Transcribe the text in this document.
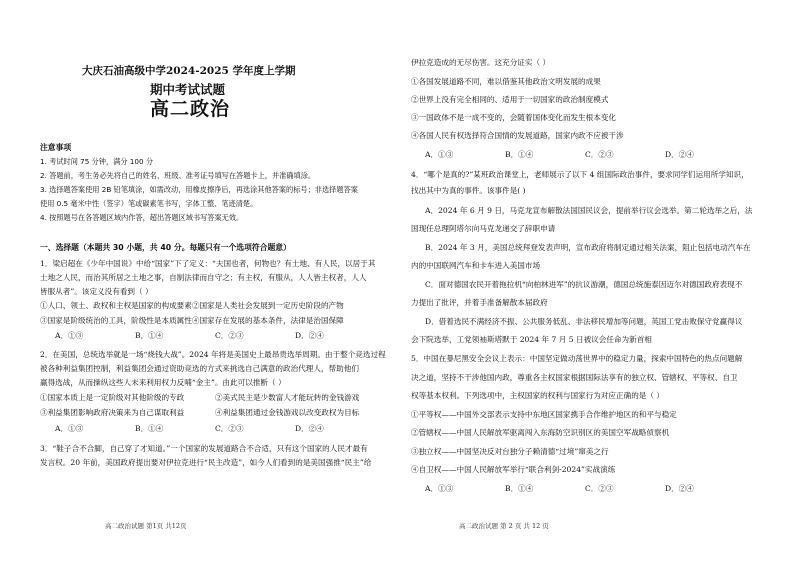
大庆石油高级中学2024-2025 学年度上学期
期中考试试题
高二政治
注意事项
1. 考试时间 75 分钟，满分 100 分
2. 答题前，考生务必先将自己的姓名、班级、准考证号填写在答题卡上，并准确填涂。
3. 选择题答案使用 2B 铅笔填涂，如需改动，用橡皮擦净后，再选涂其他答案的标号；非选择题答案
使用 0.5 毫米中性（签字）笔或碳素笔书写，字体工整、笔迹清楚。
4. 按照题号在各答题区域内作答，超出答题区域书写答案无效。
一、选择题（本题共 30 小题，共 40 分。每题只有一个选项符合题意）
1．梁启超在《少年中国说》中给“国家”下了定义：“夫国也者，何物也？有土地、有人民，以居于其
土地之人民，而治其所居之土地之事，自制法律而自守之；有主权，有服从，人人皆主权者，人人
皆服从者”。该定义没有看到（ ）
①人口、领土、政权和主权是国家的构成要素②国家是人类社会发展到一定历史阶段的产物
③国家是阶级统治的工具，阶级性是本质属性④国家存在发展的基本条件，法律是治国保障
A．①③	B．①④	C．②③	D．②④
2．在美国，总统选举就是一场“烧钱大战”。2024 年将是美国史上最昂贵选举周期。由于整个竞选过程
被各种利益集团控制，利益集团会通过资助竞选的方式来挑选自己满意的政治代理人，帮助他们
赢得选战，从而操纵这些人未来利用权力反哺“金主”。由此可以推断（ ）
①国家本质上是一定阶级对其他阶级的专政	②美式民主是少数富人才能玩转的金钱游戏
③利益集团影响政府决策来为自己谋取利益	④利益集团通过金钱游戏以改变政权为目标
A．①③	B．①④	C．②③	D．②④
3．“鞋子合不合脚，自己穿了才知道。”一个国家的发展道路合不合适，只有这个国家的人民才最有
发言权。20 年前，美国政府提出要对伊拉克进行“民主改造”，如今人们看到的是美国强推“民主”给
高二政治试题 第1页 共12页
伊拉克造成的无尽伤害。这充分证实（ ）
①各国发展道路不同，难以借鉴其他政治文明发展的成果
②世界上没有完全相同的、适用于一切国家的政治制度模式
③一国政体不是一成不变的，会随着国体变化而发生根本变化
④各国人民有权选择符合国情的发展道路，国家内政不应被干涉
A．①③	B．①④	C．②③	D．②④
4．“哪个是真的?”某班政治课堂上，老师展示了以下 4 组国际政治事件，要求同学们运用所学知识，
找出其中为真的事件。该事件是( )
A．2024 年 6 月 9 日，马克龙宣布解散法国国民议会，提前举行议会选举。第二轮选举之后，法
国现任总理阿塔尔向马克龙递交了辞职申请
B．2024 年 3 月，美国总统拜登发表声明，宣布政府将制定通过相关法案，阻止包括电动汽车在
内的中国联网汽车和卡车进入美国市场
C．面对德国农民开着拖拉机“向柏林进军”的抗议游潮，德国总统施泰因迈尔对德国政府表现不
力提出了批评，并着手准备解散本届政府
D．借着选民不满经济不振、公共服务低乱、非法移民增加等问题，英国工党击败保守党赢得议
会下院选举，工党领袖斯塔默于 2024 年 7 月 5 日被议会任命为新首相
5．中国在暴尼黑安全会议上表示：中国坚定做动荡世界中的稳定力量，探索中国特色的热点问题解
决之道，坚持不干涉他国内政，尊重各主权国家根据国际法享有的独立权、管辖权、平等权、自卫
权等基本权利。下列选项中，主权国家的权利与国家行为对应正确的是（ ）
①平等权——中国外交部表示支持中东地区国家携手合作维护地区的和平与稳定
②管辖权——中国人民解放军驱离闯入东海防空识别区的美国空军战略侦察机
③独立权——中国坚决反对台独分子赖清德“过境”窜美之行
④自卫权——中国人民解放军举行“联合利剑-2024”实战演练
A．①③	B．①④	C．②③	D．②④
高二政治试题 第 2 页 共 12 页
